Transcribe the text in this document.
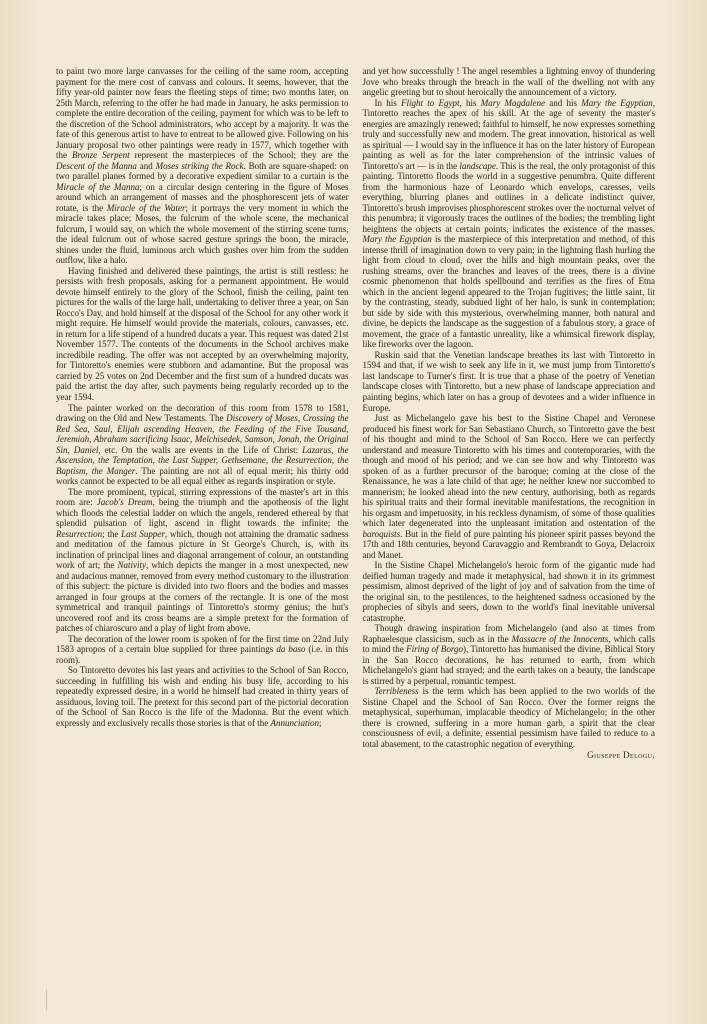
to paint two more large canvasses for the ceiling of the same room, accepting payment for the mere cost of canvass and colours. It seems, however, that the fifty year-old painter now fears the fleeting steps of time; two months later, on 25th March, referring to the offer he had made in January, he asks permission to complete the entire decoration of the ceiling, payment for which was to be left to the discretion of the School administrators, who accept by a majority. It was the fate of this generous artist to have to entreat to be allowed give. Following on his January proposal two other paintings were ready in 1577, which together with the Bronze Serpent represent the masterpieces of the School; they are the Descent of the Manna and Moses striking the Rock. Both are square-shaped: on two parallel planes formed by a decorative expedient similar to a curtain is the Miracle of the Manna; on a circular design centering in the figure of Moses around which an arrangement of masses and the phosphorescent jets of water rotate, is the Miracle of the Water; it portrays the very moment in which the miracle takes place; Moses, the fulcrum of the whole scene, the mechanical fulcrum, I would say, on which the whole movement of the stirring scene turns, the ideal fulcrum out of whose sacred gesture springs the boon, the miracle, shines under the fluid, luminous arch which gushes over him from the sudden outflow, like a halo.

Having finished and delivered these paintings, the artist is still restless: he persists with fresh proposals, asking for a permanent appointment. He would devote himself entirely to the glory of the School, finish the ceiling, paint ten pictures for the walls of the large hall, undertaking to deliver three a year, on San Rocco's Day, and hold himself at the disposal of the School for any other work it might require. He himself would provide the materials, colours, canvasses, etc. in return for a life stipend of a hundred ducats a year. This request was dated 21st November 1577. The contents of the documents in the School archives make incredibile reading. The offer was not accepted by an overwhelming majority, for Tintoretto's enemies were stubborn and adamantine. But the proposal was carried by 25 votes on 2nd December and the first sum of a hundred ducats was paid the artist the day after, such payments being regularly recorded up to the year 1594.

The painter worked on the decoration of this room from 1578 to 1581, drawing on the Old and New Testaments. The Discovery of Moses, Crossing the Red Sea, Saul, Elijah ascending Heaven, the Feeding of the Five Tousand, Jeremiah, Abraham sacrificing Isaac, Melchisedek, Samson, Jonah, the Original Sin, Daniel, etc. On the walls are events in the Life of Christ: Lazarus, the Ascension, the Temptation, the Last Supper, Gethsemane, the Resurrection, the Baptism, the Manger. The painting are not all of equal merit; his thirty odd works cannot be expected to be all equal either as regards inspiration or style.

The more prominent, typical, stirring expressions of the master's art in this room are: Jacob's Dream, being the triumph and the apotheosis of the light which floods the celestial ladder on which the angels, rendered ethereal by that splendid pulsation of light, ascend in flight towards the infinite; the Resurrection; the Last Supper, which, though not attaining the dramatic sadness and meditation of the famous picture in St George's Church, is, with its inclination of principal lines and diagonal arrangement of colour, an outstanding work of art; the Nativity, which depicts the manger in a most unexpected, new and audacious manner, removed from every method customary to the illustration of this subject: the picture is divided into two floors and the bodies and masses arranged in four groups at the corners of the rectangle. It is one of the most symmetrical and tranquil paintings of Tintoretto's stormy genius; the hut's uncovered roof and its cross beams are a simple pretext for the formation of patches of chiaroscuro and a play of light from above.

The decoration of the lower room is spoken of for the first time on 22nd July 1583 apropos of a certain blue supplied for three paintings da baso (i.e. in this room).

So Tintoretto devotes his last years and activities to the School of San Rocco, succeeding in fulfilling his wish and ending his busy life, according to his repeatedly expressed desire, in a world he himself had created in thirty years of assiduous, loving toil. The pretext for this second part of the pictorial decoration of the School of San Rocco is the life of the Madonna. But the event which expressly and exclusively recalls those stories is that of the Annunciation;

and yet how successfully ! The angel resembles a lightning envoy of thundering Jove who breaks through the breach in the wall of the dwelling not with any angelic greeting but to shout heroically the announcement of a victory.

In his Flight to Egypt, his Mary Magdalene and his Mary the Egyptian, Tintoretto reaches the apex of his skill. At the age of seventy the master's energies are amazingly renewed; faithful to himself, he now expresses something truly and successfully new and modern. The great innovation, historical as well as spiritual — I would say in the influence it has on the later history of European painting as well as for the later comprehension of the intrinsic values of Tintoretto's art — is in the landscape. This is the real, the only protagonist of this painting. Tintoretto floods the world in a suggestive penumbra. Quite different from the harmonious haze of Leonardo which envelops, caresses, veils everything, blurring planes and outlines in a delicate indistinct quiver, Tintoretto's brush improvises phosphorescent strokes over the nocturnal velvet of this penumbra; it vigorously traces the outlines of the bodies; the trembling light heightens the objects at certain points, indicates the existence of the masses. Mary the Egyptian is the masterpiece of this interpretation and method, of this intense thrill of imagination down to very pain; in the lightning flash hurling the light from cloud to cloud, over the hills and high mountain peaks, over the rushing streams, over the branches and leaves of the trees, there is a divine cosmic phenomenon that holds spellbound and terrifies as the fires of Etna which in the ancient legend appeared to the Trojan fugitives; the little saint, lit by the contrasting, steady, subdued light of her halo, is sunk in contemplation; but side by side with this mysterious, overwhelming manner, both natural and divine, he depicts the landscape as the suggestion of a fabulous story, a grace of movement, the grace of a fantastic unreality, like a whimsical firework display, like fireworks over the lagoon.

Ruskin said that the Venetian landscape breathes its last with Tintoretto in 1594 and that, if we wish to seek any life in it, we must jump from Tintoretto's last landscape to Turner's first. It is true that a phase of the poetry of Venetian landscape closes with Tintoretto, but a new phase of landscape appreciation and painting begins, which later on has a group of devotees and a wider influence in Europe.

Just as Michelangelo gave his best to the Sistine Chapel and Veronese produced his finest work for San Sebastiano Church, so Tintoretto gave the best of his thought and mind to the School of San Rocco. Here we can perfectly understand and measure Tintoretto with his times and contemporaries, with the though and mood of his period; and we can see how and why Tintoretto was spoken of as a further precursor of the baroque; coming at the close of the Renaissance, he was a late child of that age; he neither knew nor succombed to mannerism; he looked ahead into the new century, authorising, both as regards his spiritual traits and their formal inevitable manifestations, the recognition in his orgasm and impetuosity, in his reckless dynamism, of some of those qualities which later degenerated into the unpleasant imitation and ostentation of the baroquists. But in the field of pure painting his pioneer spirit passes beyond the 17th and 18th centuries, beyond Caravaggio and Rembrandt to Goya, Delacroix and Manet.

In the Sistine Chapel Michelangelo's heroic form of the gigantic nude had deified human tragedy and made it metaphysical, had shown it in its grimmest pessimism, almost deprived of the light of joy and of salvation from the time of the original sin, to the pestilences, to the heightened sadness occasioned by the prophecies of sibyls and seers, down to the world's final inevitable universal catastrophe.

Though drawing inspiration from Michelangelo (and also at times from Raphaelesque classicism, such as in the Massacre of the Innocents, which calls to mind the Firing of Borgo), Tintoretto has humanised the divine, Biblical Story in the San Rocco decorations, he has returned to earth, from which Michelangelo's giant had strayed; and the earth takes on a beauty, the landscape is stirred by a perpetual, romantic tempest.

Terribleness is the term which has been applied to the two worlds of the Sistine Chapel and the School of San Rocco. Over the former reigns the metaphysical, superhuman, implacable theodicy of Michelangelo; in the other there is crowned, suffering in a more human garb, a spirit that the clear consciousness of evil, a definite, essential pessimism have failed to reduce to a total abasement, to the catastrophic negation of everything.

Giuseppe Delogu.
